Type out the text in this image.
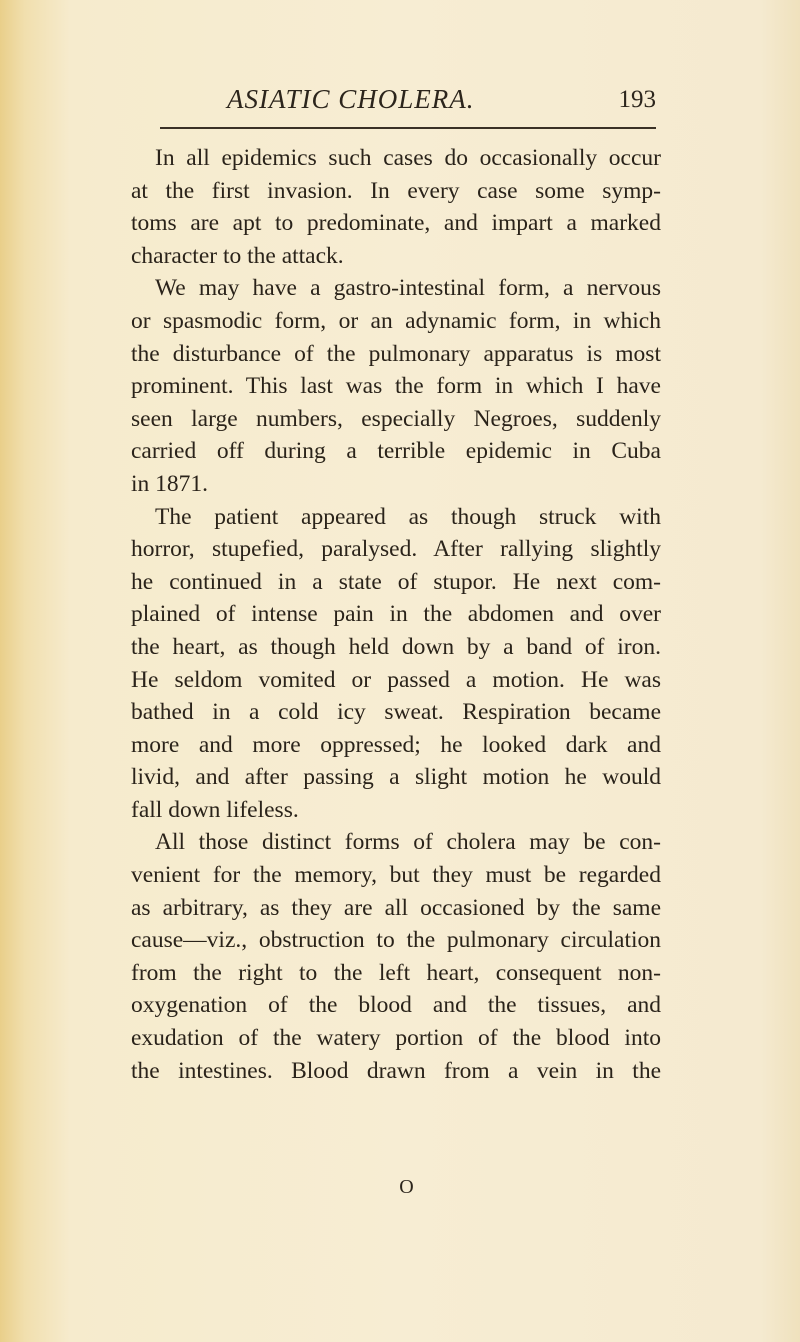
ASIATIC CHOLERA.	193
In all epidemics such cases do occasionally occur
at the first invasion. In every case some symp-
toms are apt to predominate, and impart a marked
character to the attack.
We may have a gastro-intestinal form, a nervous
or spasmodic form, or an adynamic form, in which
the disturbance of the pulmonary apparatus is most
prominent. This last was the form in which I have
seen large numbers, especially Negroes, suddenly
carried off during a terrible epidemic in Cuba
in 1871.
The patient appeared as though struck with
horror, stupefied, paralysed. After rallying slightly
he continued in a state of stupor. He next com-
plained of intense pain in the abdomen and over
the heart, as though held down by a band of iron.
He seldom vomited or passed a motion. He was
bathed in a cold icy sweat. Respiration became
more and more oppressed; he looked dark and
livid, and after passing a slight motion he would
fall down lifeless.
All those distinct forms of cholera may be con-
venient for the memory, but they must be regarded
as arbitrary, as they are all occasioned by the same
cause—viz., obstruction to the pulmonary circulation
from the right to the left heart, consequent non-
oxygenation of the blood and the tissues, and
exudation of the watery portion of the blood into
the intestines. Blood drawn from a vein in the
O
